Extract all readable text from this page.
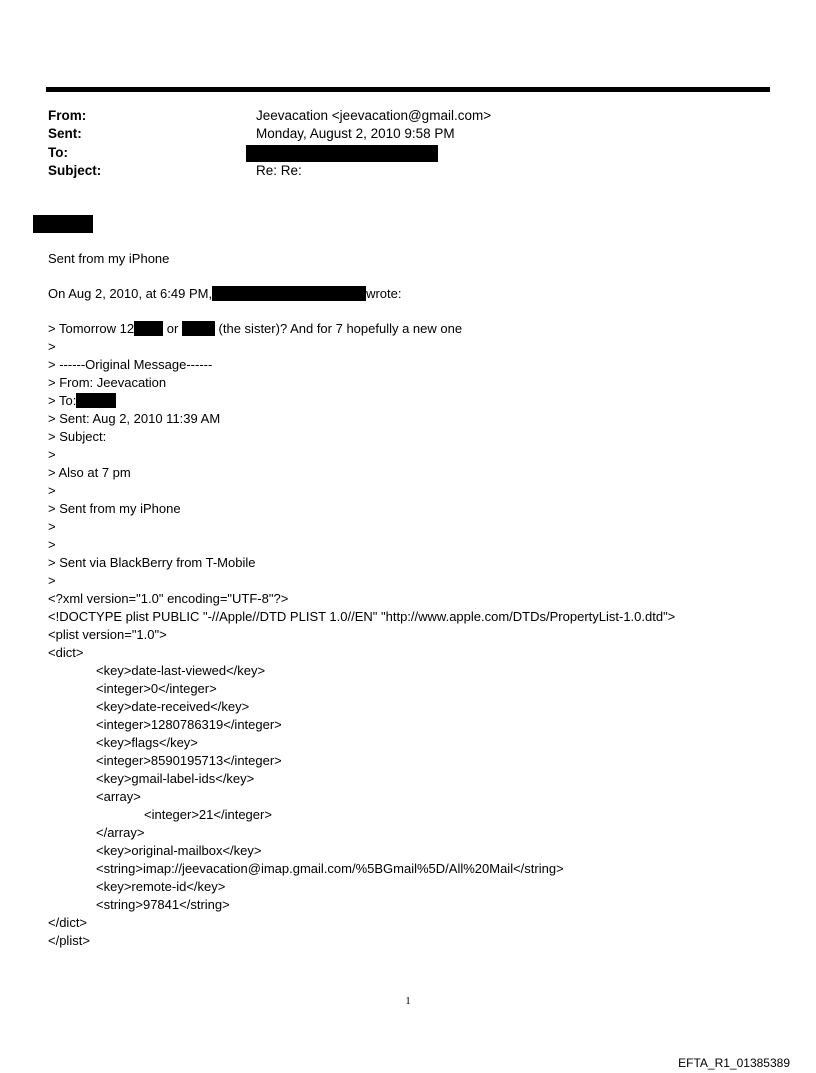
From:	Jeevacation <jeevacation@gmail.com>
Sent:	Monday, August 2, 2010 9:58 PM
To:
Subject:	Re: Re:
Sent from my iPhone
On Aug 2, 2010, at 6:49 PM,	wrote:
> Tomorrow 12	or	(the sister)? And for 7 hopefully a new one
>
> ------Original Message------
> From: Jeevacation
> To:
> Sent: Aug 2, 2010 11:39 AM
> Subject:
>
> Also at 7 pm
>
> Sent from my iPhone
>
>
> Sent via BlackBerry from T-Mobile
>
<?xml version="1.0" encoding="UTF-8"?>
<!DOCTYPE plist PUBLIC "-//Apple//DTD PLIST 1.0//EN" "http://www.apple.com/DTDs/PropertyList-1.0.dtd">
<plist version="1.0">
<dict>
<key>date-last-viewed</key>
<integer>0</integer>
<key>date-received</key>
<integer>1280786319</integer>
<key>flags</key>
<integer>8590195713</integer>
<key>gmail-label-ids</key>
<array>
<integer>21</integer>
</array>
<key>original-mailbox</key>
<string>imap://jeevacation@imap.gmail.com/%5BGmail%5D/All%20Mail</string>
<key>remote-id</key>
<string>97841</string>
</dict>
</plist>
1
EFTA_R1_01385389
